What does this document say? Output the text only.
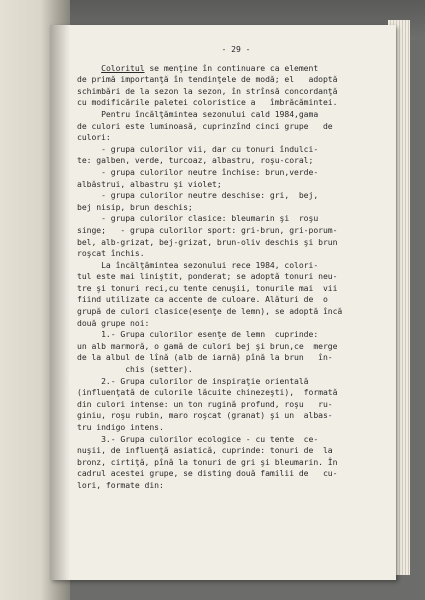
- 29 -
Coloritul se menţine în continuare ca element
de primă importanţă în tendinţele de modă; el   adoptă
schimbări de la sezon la sezon, în strînsă concordanţă
cu modificările paletei coloristice a   îmbrăcămintei.
Pentru încălţămintea sezonului cald 1984,gama
de culori este luminoasă, cuprinzînd cinci grupe   de
culori:
- grupa culorilor vii, dar cu tonuri îndulci-
te: galben, verde, turcoaz, albastru, roşu-coral;
- grupa culorilor neutre închise: brun,verde-
albăstrui, albastru şi violet;
- grupa culorilor neutre deschise: gri,  bej,
bej nisip, brun deschis;
- grupa culorilor clasice: bleumarin şi  roşu
singe;   - grupa culorilor sport: gri-brun, gri-porum-
bel, alb-grizat, bej-grizat, brun-oliv deschis şi brun
roşcat închis.
La încălţămintea sezonului rece 1984, colori-
tul este mai liniştit, ponderat; se adoptă tonuri neu-
tre şi tonuri reci,cu tente cenuşii, tonurile mai  vii
fiind utilizate ca accente de culoare. Alături de  o
grupă de culori clasice(esenţe de lemn), se adoptă încă
două grupe noi:
1.- Grupa culorilor esenţe de lemn  cuprinde:
un alb marmoră, o gamă de culori bej şi brun,ce  merge
de la albul de lînă (alb de iarnă) pînă la brun   în-
chis (setter).
2.- Grupa culorilor de inspiraţie orientală
(influenţată de culorile lăcuite chinezeşti),  formată
din culori intense: un ton rugină profund, roşu   ru-
giniu, roşu rubin, maro roşcat (granat) şi un  albas-
tru indigo intens.
3.- Grupa culorilor ecologice - cu tente  ce-
nuşii, de influenţă asiatică, cuprinde: tonuri de  la
bronz, cirtiţă, pînă la tonuri de gri şi bleumarin. În
cadrul acestei grupe, se disting două familii de   cu-
lori, formate din:
